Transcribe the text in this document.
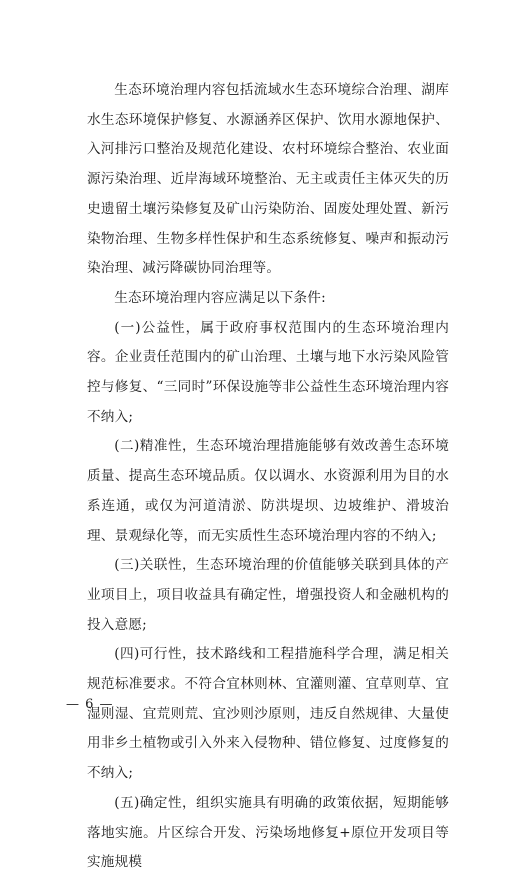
生态环境治理内容包括流域水生态环境综合治理、湖库水生态环境保护修复、水源涵养区保护、饮用水源地保护、入河排污口整治及规范化建设、农村环境综合整治、农业面源污染治理、近岸海域环境整治、无主或责任主体灭失的历史遗留土壤污染修复及矿山污染防治、固废处理处置、新污染物治理、生物多样性保护和生态系统修复、噪声和振动污染治理、减污降碳协同治理等。

生态环境治理内容应满足以下条件:

(一)公益性，属于政府事权范围内的生态环境治理内容。企业责任范围内的矿山治理、土壤与地下水污染风险管控与修复、“三同时”环保设施等非公益性生态环境治理内容不纳入;

(二)精准性，生态环境治理措施能够有效改善生态环境质量、提高生态环境品质。仅以调水、水资源利用为目的水系连通，或仅为河道清淤、防洪堤坝、边坡维护、滑坡治理、景观绿化等，而无实质性生态环境治理内容的不纳入;

(三)关联性，生态环境治理的价值能够关联到具体的产业项目上，项目收益具有确定性，增强投资人和金融机构的投入意愿;

(四)可行性，技术路线和工程措施科学合理，满足相关规范标准要求。不符合宜林则林、宜灌则灌、宜草则草、宜湿则湿、宜荒则荒、宜沙则沙原则，违反自然规律、大量使用非乡土植物或引入外来入侵物种、错位修复、过度修复的不纳入;

(五)确定性，组织实施具有明确的政策依据，短期能够落地实施。片区综合开发、污染场地修复+原位开发项目等实施规模

— 6 —
